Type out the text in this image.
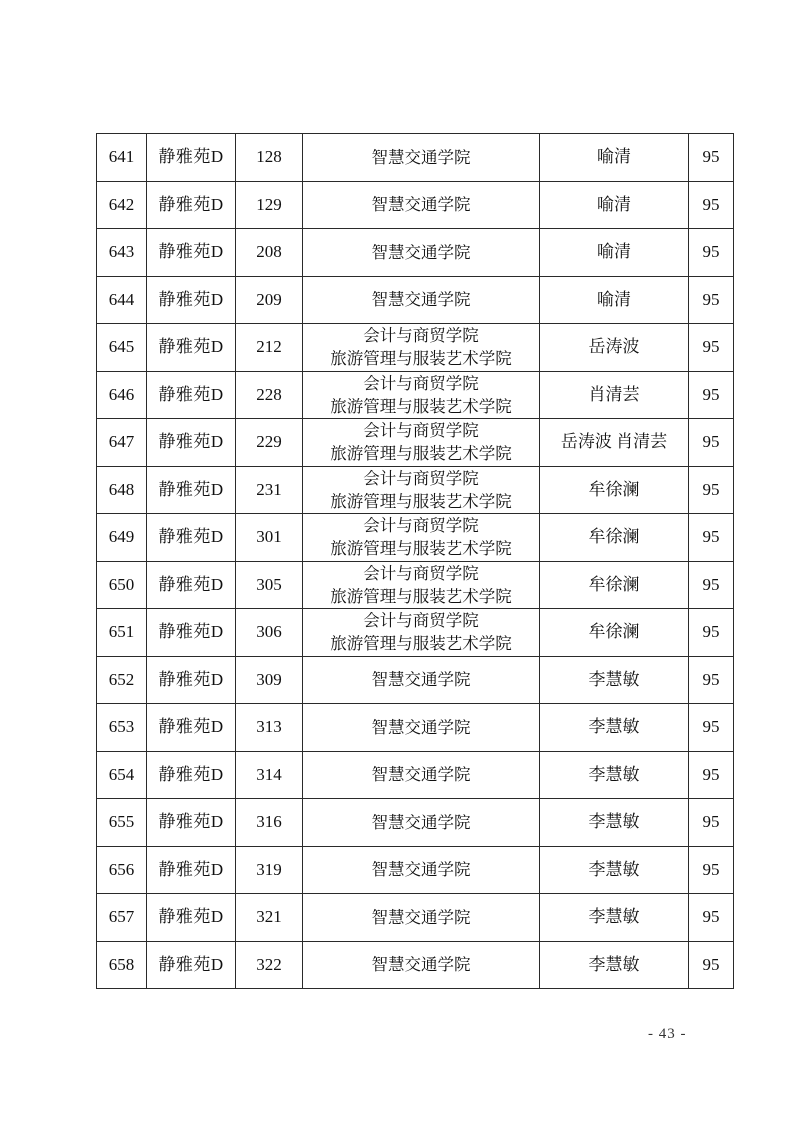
641	静雅苑D	128	智慧交通学院	喻清	95
642	静雅苑D	129	智慧交通学院	喻清	95
643	静雅苑D	208	智慧交通学院	喻清	95
644	静雅苑D	209	智慧交通学院	喻清	95
645	静雅苑D	212	会计与商贸学院
旅游管理与服装艺术学院	岳涛波	95
646	静雅苑D	228	会计与商贸学院
旅游管理与服装艺术学院	肖清芸	95
647	静雅苑D	229	会计与商贸学院
旅游管理与服装艺术学院	岳涛波 肖清芸	95
648	静雅苑D	231	会计与商贸学院
旅游管理与服装艺术学院	牟徐澜	95
649	静雅苑D	301	会计与商贸学院
旅游管理与服装艺术学院	牟徐澜	95
650	静雅苑D	305	会计与商贸学院
旅游管理与服装艺术学院	牟徐澜	95
651	静雅苑D	306	会计与商贸学院
旅游管理与服装艺术学院	牟徐澜	95
652	静雅苑D	309	智慧交通学院	李慧敏	95
653	静雅苑D	313	智慧交通学院	李慧敏	95
654	静雅苑D	314	智慧交通学院	李慧敏	95
655	静雅苑D	316	智慧交通学院	李慧敏	95
656	静雅苑D	319	智慧交通学院	李慧敏	95
657	静雅苑D	321	智慧交通学院	李慧敏	95
658	静雅苑D	322	智慧交通学院	李慧敏	95
- 43 -
